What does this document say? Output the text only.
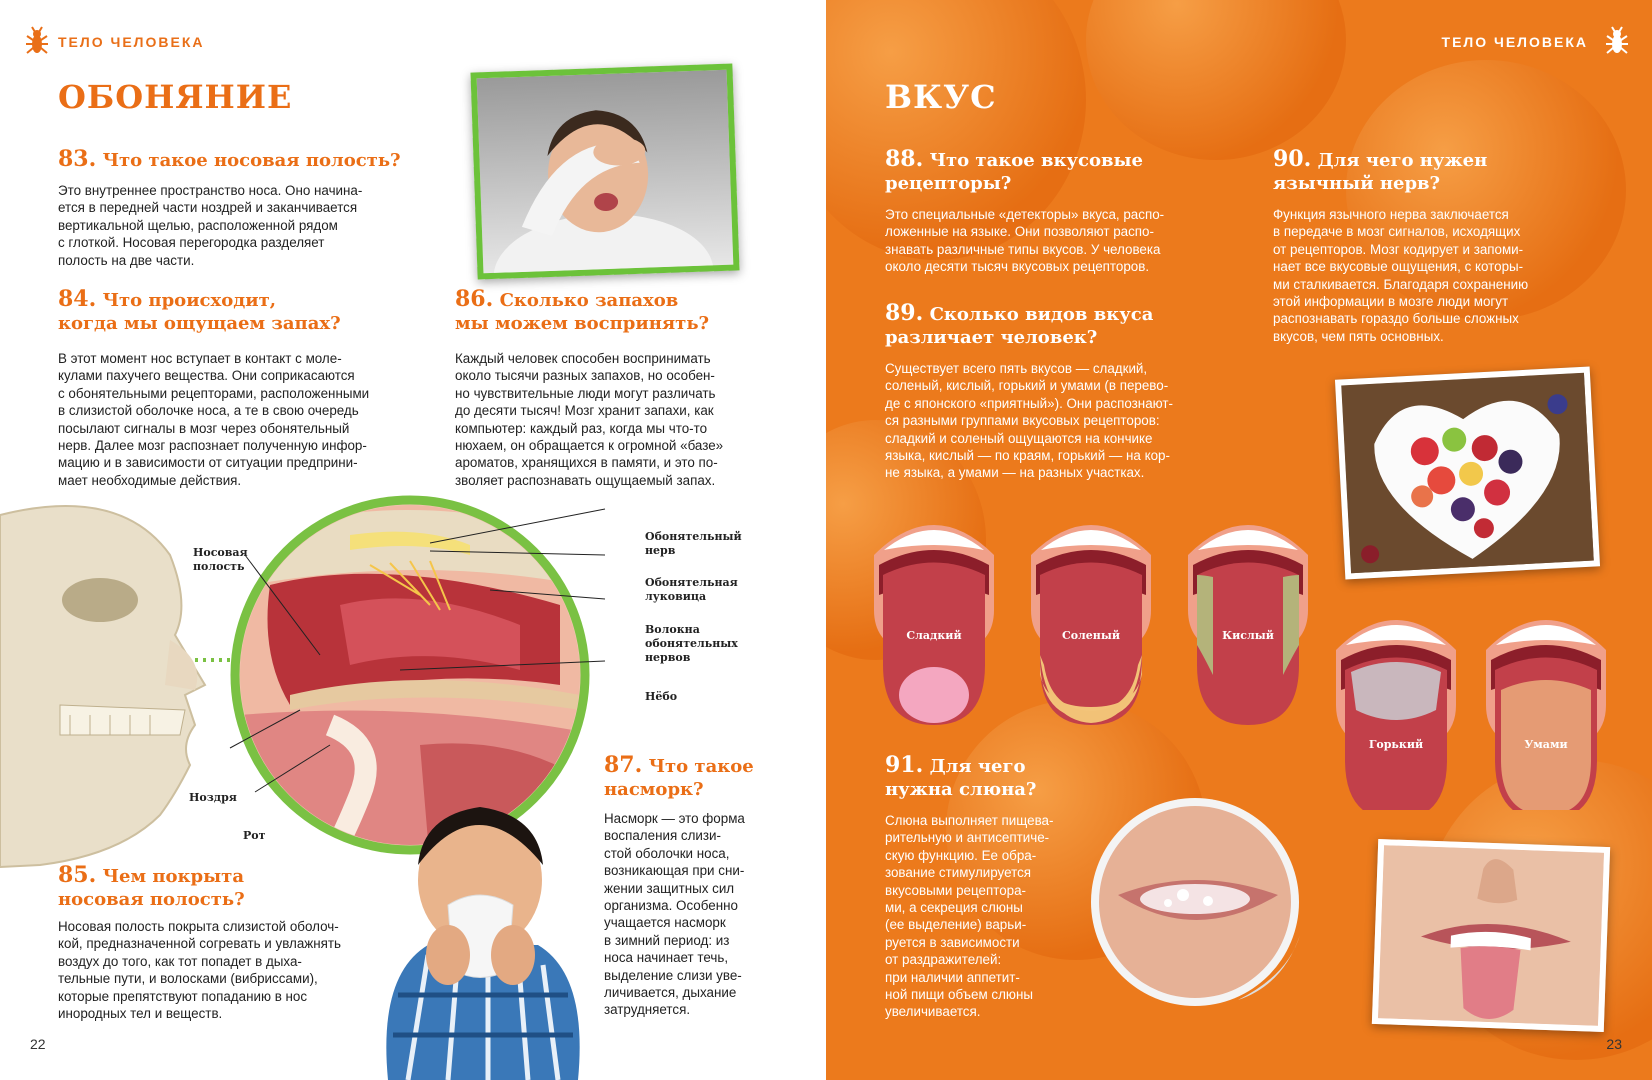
ТЕЛО ЧЕЛОВЕКА
ОБОНЯНИЕ
83. Что такое носовая полость?
Это внутреннее пространство носа. Оно начина-
ется в передней части ноздрей и заканчивается
вертикальной щелью, расположенной рядом
с глоткой. Носовая перегородка разделяет
полость на две части.
84. Что происходит,
когда мы ощущаем запах?
В этот момент нос вступает в контакт с моле-
кулами пахучего вещества. Они соприкасаются
с обонятельными рецепторами, расположенными
в слизистой оболочке носа, а те в свою очередь
посылают сигналы в мозг через обонятельный
нерв. Далее мозг распознает полученную инфор-
мацию и в зависимости от ситуации предприни-
мает необходимые действия.
86. Сколько запахов
мы можем воспринять?
Каждый человек способен воспринимать
около тысячи разных запахов, но особен-
но чувствительные люди могут различать
до десяти тысяч! Мозг хранит запахи, как
компьютер: каждый раз, когда мы что-то
нюхаем, он обращается к огромной «базе»
ароматов, хранящихся в памяти, и это по-
зволяет распознавать ощущаемый запах.
Носовая
полость
Ноздря
Рот
Обонятельный
нерв
Обонятельная
луковица
Волокна
обонятельных
нервов
Нёбо
87. Что такое
насморк?
Насморк — это форма
воспаления слизи-
стой оболочки носа,
возникающая при сни-
жении защитных сил
организма. Особенно
учащается насморк
в зимний период: из
носа начинает течь,
выделение слизи уве-
личивается, дыхание
затрудняется.
85. Чем покрыта
носовая полость?
Носовая полость покрыта слизистой оболоч-
кой, предназначенной согревать и увлажнять
воздух до того, как тот попадет в дыха-
тельные пути, и волосками (вибриссами),
которые препятствуют попаданию в нос
инородных тел и веществ.
22
ТЕЛО ЧЕЛОВЕКА
ВКУС
88. Что такое вкусовые
рецепторы?
Это специальные «детекторы» вкуса, распо-
ложенные на языке. Они позволяют распо-
знавать различные типы вкусов. У человека
около десяти тысяч вкусовых рецепторов.
89. Сколько видов вкуса
различает человек?
Существует всего пять вкусов — сладкий,
соленый, кислый, горький и умами (в перево-
де с японского «приятный»). Они распознают-
ся разными группами вкусовых рецепторов:
сладкий и соленый ощущаются на кончике
языка, кислый — по краям, горький — на кор-
не языка, а умами — на разных участках.
90. Для чего нужен
язычный нерв?
Функция язычного нерва заключается
в передаче в мозг сигналов, исходящих
от рецепторов. Мозг кодирует и запоми-
нает все вкусовые ощущения, с которы-
ми сталкивается. Благодаря сохранению
этой информации в мозге люди могут
распознавать гораздо больше сложных
вкусов, чем пять основных.
91. Для чего
нужна слюна?
Слюна выполняет пищева-
рительную и антисептиче-
скую функцию. Ее обра-
зование стимулируется
вкусовыми рецептора-
ми, а секреция слюны
(ее выделение) варьи-
руется в зависимости
от раздражителей:
при наличии аппетит-
ной пищи объем слюны
увеличивается.
Сладкий	Соленый	Кислый
Горький	Умами
23
